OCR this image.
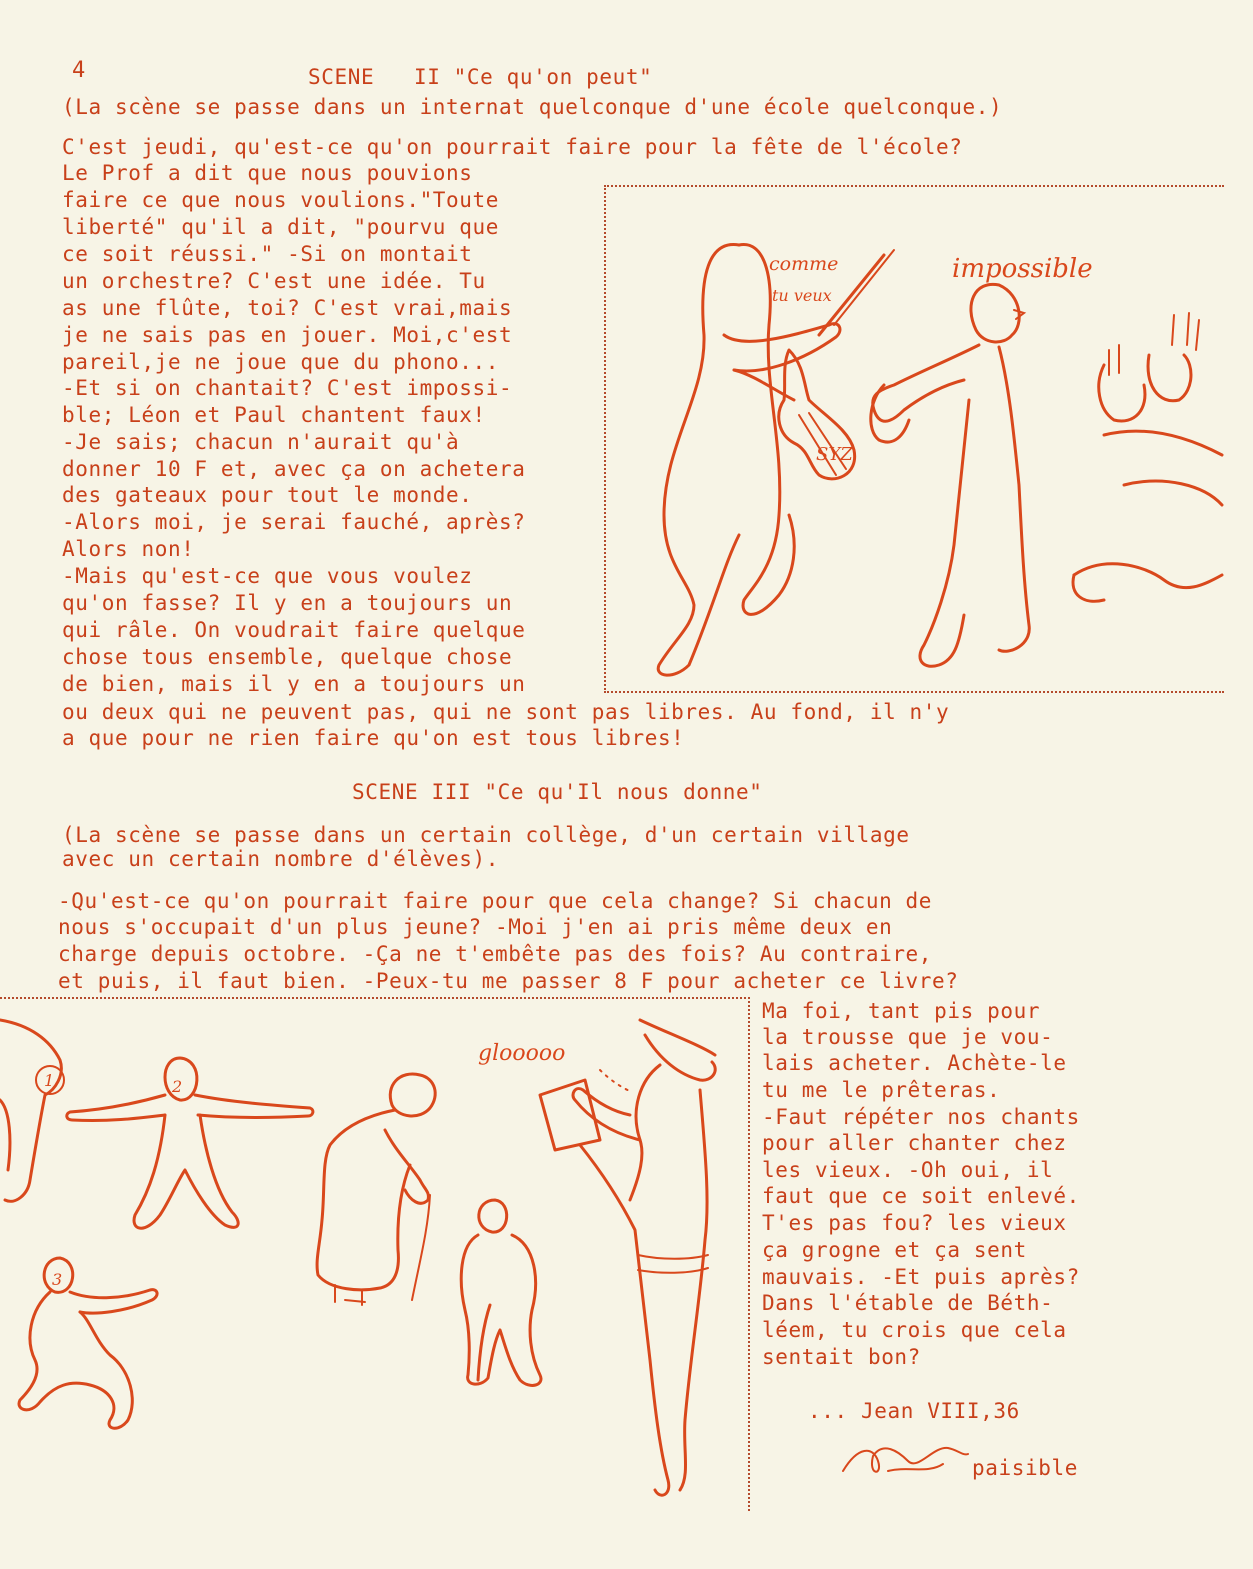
4	SCENE   II "Ce qu'on peut"
(La scène se passe dans un internat quelconque d'une école quelconque.)
C'est jeudi, qu'est-ce qu'on pourrait faire pour la fête de l'école?
Le Prof a dit que nous pouvions
faire ce que nous voulions."Toute
liberté" qu'il a dit, "pourvu que
ce soit réussi." -Si on montait
un orchestre? C'est une idée. Tu
as une flûte, toi? C'est vrai,mais
je ne sais pas en jouer. Moi,c'est
pareil,je ne joue que du phono...
-Et si on chantait? C'est impossi-
ble; Léon et Paul chantent faux!
-Je sais; chacun n'aurait qu'à
donner 10 F et, avec ça on achetera
des gateaux pour tout le monde.
-Alors moi, je serai fauché, après?
Alors non!
-Mais qu'est-ce que vous voulez
qu'on fasse? Il y en a toujours un
qui râle. On voudrait faire quelque
chose tous ensemble, quelque chose
de bien, mais il y en a toujours un
ou deux qui ne peuvent pas, qui ne sont pas libres. Au fond, il n'y
a que pour ne rien faire qu'on est tous libres!
SYZ
comme
tu veux
impossible
SCENE III "Ce qu'Il nous donne"
(La scène se passe dans un certain collège, d'un certain village
avec un certain nombre d'élèves).
-Qu'est-ce qu'on pourrait faire pour que cela change? Si chacun de
nous s'occupait d'un plus jeune? -Moi j'en ai pris même deux en
charge depuis octobre. -Ça ne t'embête pas des fois? Au contraire,
et puis, il faut bien. -Peux-tu me passer 8 F pour acheter ce livre?
Ma foi, tant pis pour
la trousse que je vou-
lais acheter. Achète-le
tu me le prêteras.
-Faut répéter nos chants
pour aller chanter chez
les vieux. -Oh oui, il
faut que ce soit enlevé.
T'es pas fou? les vieux
ça grogne et ça sent
mauvais. -Et puis après?
Dans l'étable de Béth-
léem, tu crois que cela
sentait bon?
... Jean VIII,36
paisible
1	2
3
glooooo
